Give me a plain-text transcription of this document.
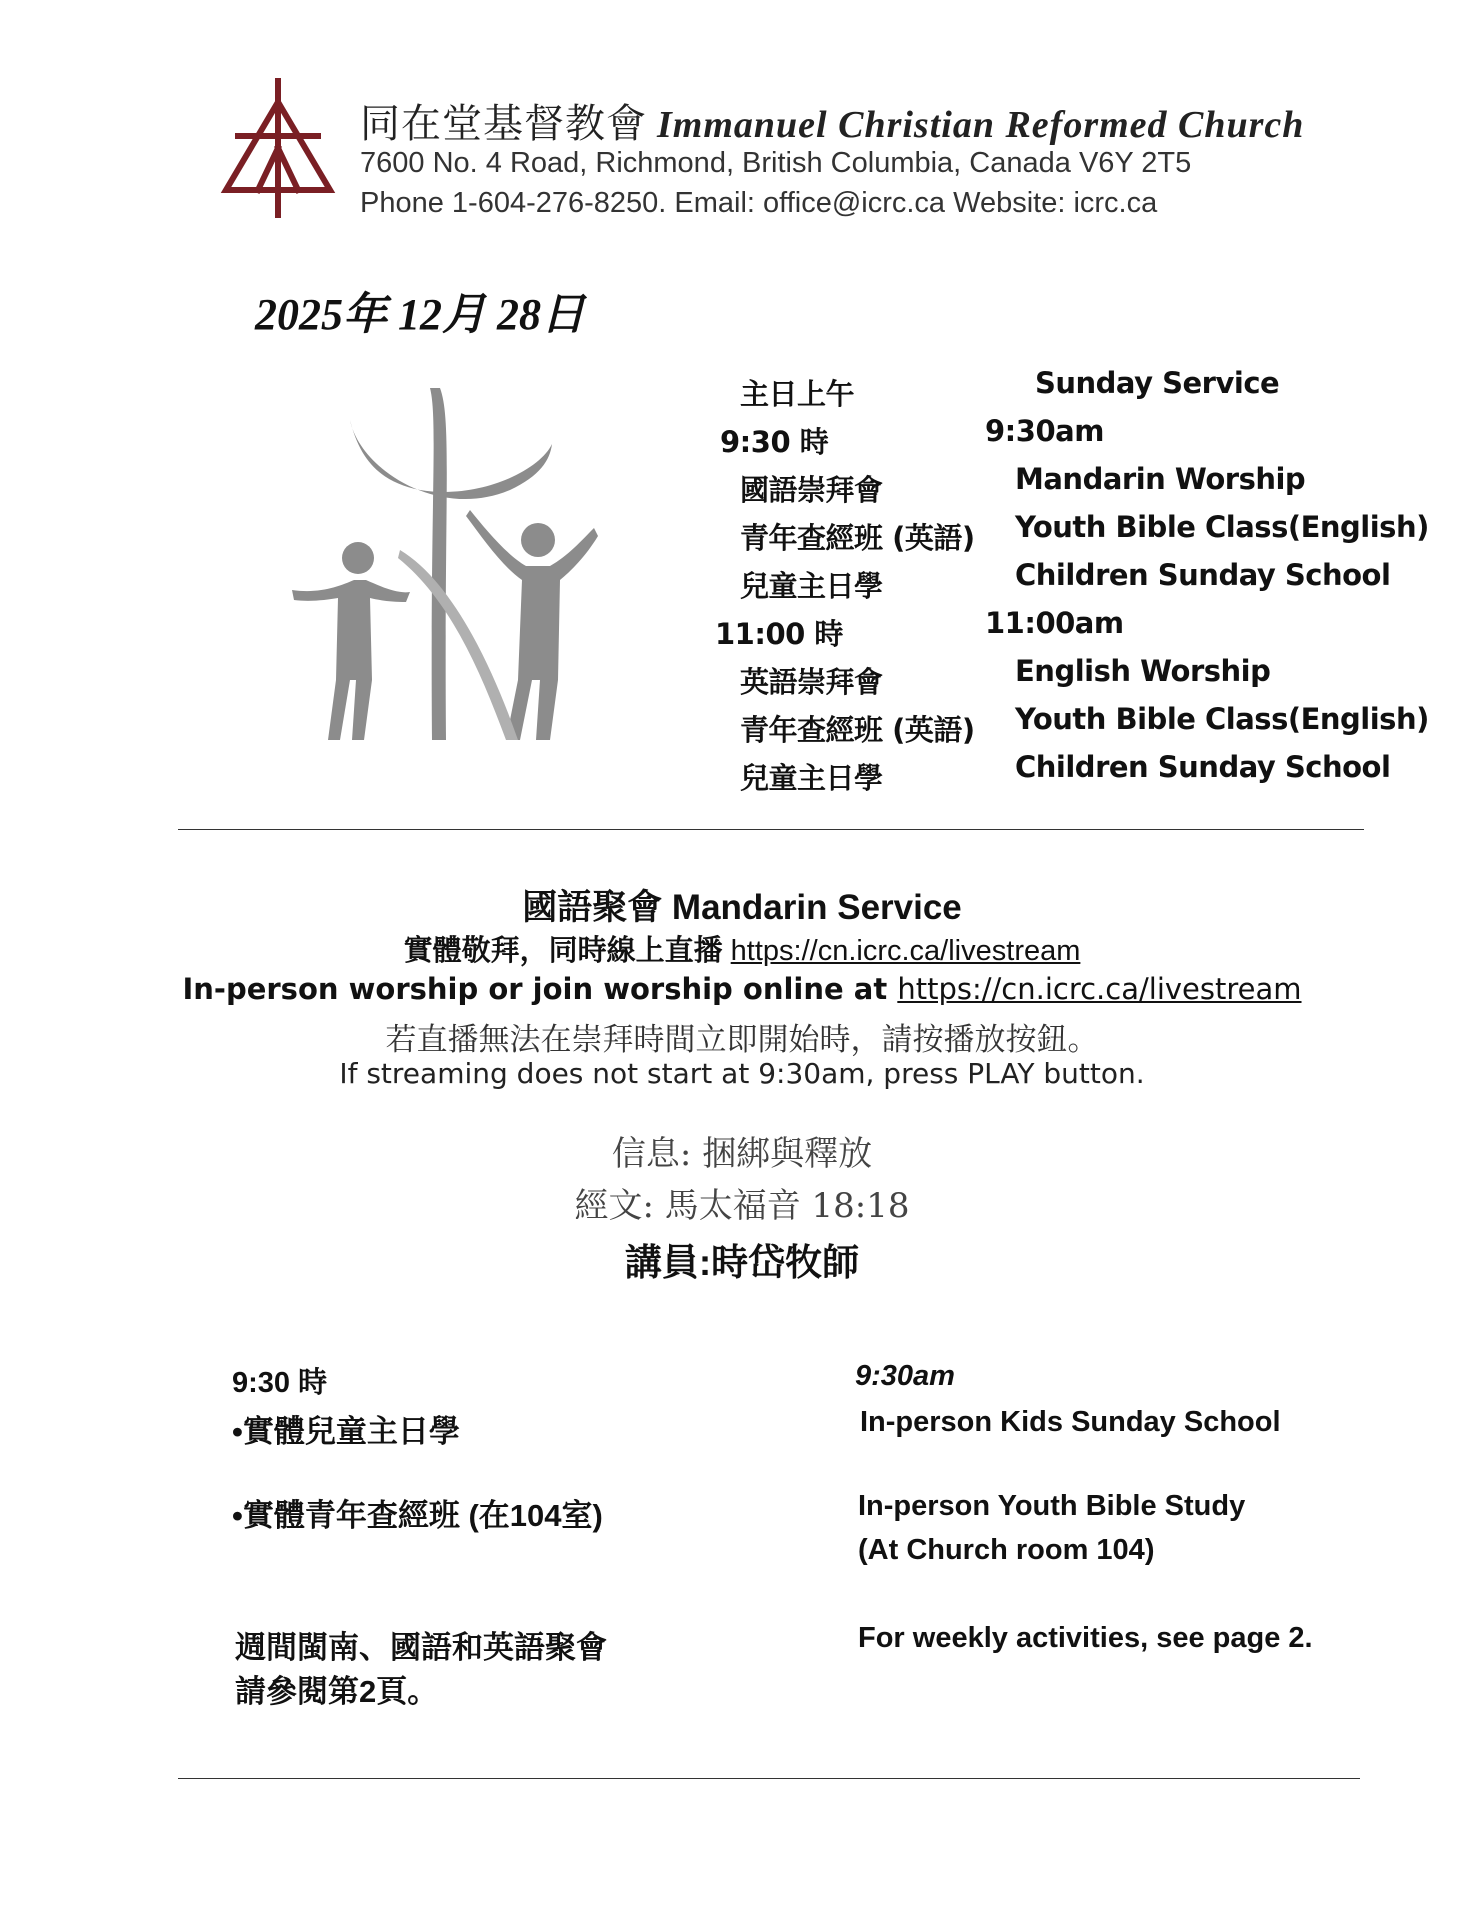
同在堂基督教會 Immanuel Christian Reformed Church
7600 No. 4 Road, Richmond, British Columbia, Canada V6Y 2T5
Phone 1-604-276-8250. Email: office@icrc.ca Website: icrc.ca
2025年 12月 28日
主日上午
9:30 時
國語崇拜會
青年查經班 (英語)
兒童主日學
11:00 時
英語崇拜會
青年查經班 (英語)
兒童主日學
Sunday Service
9:30am
Mandarin Worship
Youth Bible Class(English)
Children Sunday School
11:00am
English Worship
Youth Bible Class(English)
Children Sunday School
國語聚會 Mandarin Service
實體敬拜，同時線上直播 https://cn.icrc.ca/livestream
In-person worship or join worship online at https://cn.icrc.ca/livestream
若直播無法在崇拜時間立即開始時，請按播放按鈕。
If streaming does not start at 9:30am, press PLAY button.
信息: 捆綁與釋放
經文: 馬太福音 18:18
講員:時岱牧師
9:30 時
•實體兒童主日學
•實體青年查經班 (在104室)
週間閩南、國語和英語聚會
請參閱第2頁。
9:30am
In-person Kids Sunday School
In-person Youth Bible Study
(At Church room 104)
For weekly activities, see page 2.
